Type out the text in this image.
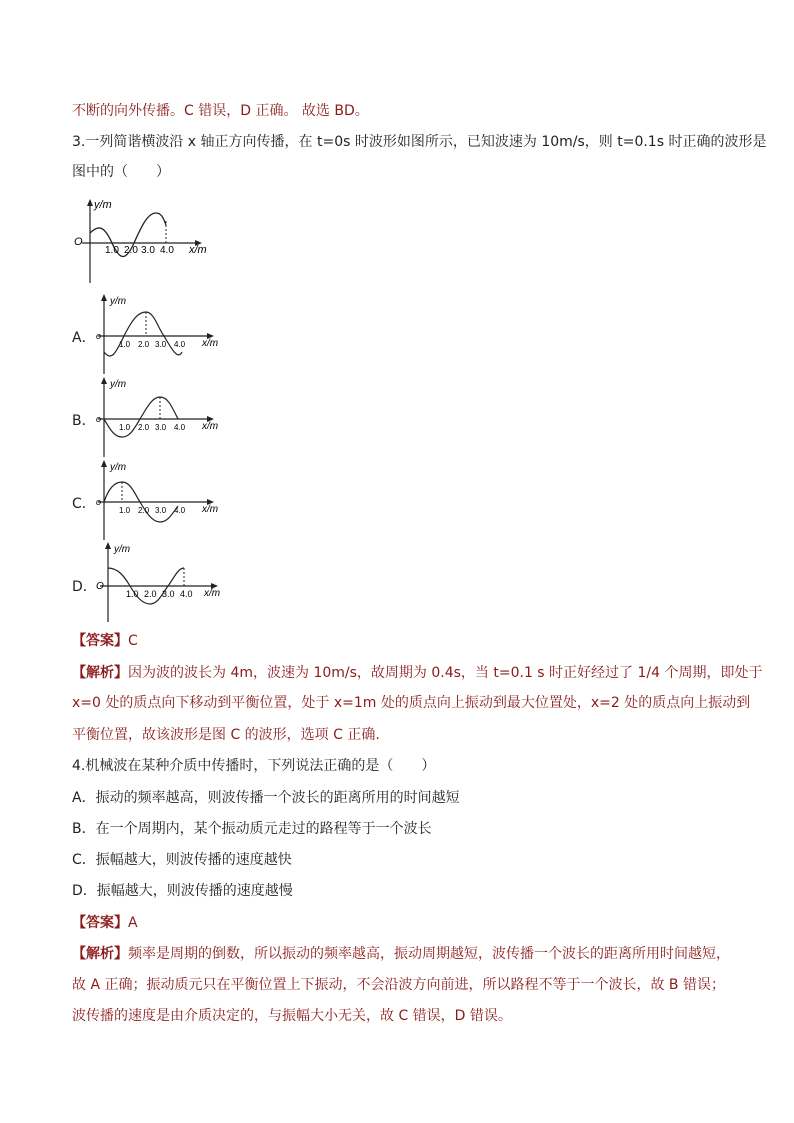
不断的向外传播。C 错误，D 正确。 故选 BD。
3.一列简谐横波沿 x 轴正方向传播，在 t=0s 时波形如图所示，已知波速为 10m/s，则 t=0.1s 时正确的波形是
图中的（　　）
y/m
x/m
O
1.0 2.0 3.0 4.0
A．
y/m
x/m
o
1.0 2.0 3.0 4.0
B．
y/m
x/m
o
1.0 2.0 3.0 4.0
C．
y/m
x/m
o
1.0 2.0 3.0 4.0
D．
y/m
x/m
O
1.0 2.0 3.0 4.0
【答案】C
【解析】因为波的波长为 4m，波速为 10m/s，故周期为 0.4s，当 t=0.1 s 时正好经过了 1/4 个周期，即处于
x=0 处的质点向下移动到平衡位置，处于 x=1m 处的质点向上振动到最大位置处，x=2 处的质点向上振动到
平衡位置，故该波形是图 C 的波形，选项 C 正确.
4.机械波在某种介质中传播时，下列说法正确的是（　　）
A．振动的频率越高，则波传播一个波长的距离所用的时间越短
B．在一个周期内，某个振动质元走过的路程等于一个波长
C．振幅越大，则波传播的速度越快
D．振幅越大，则波传播的速度越慢
【答案】A
【解析】频率是周期的倒数，所以振动的频率越高，振动周期越短，波传播一个波长的距离所用时间越短，
故 A 正确；振动质元只在平衡位置上下振动，不会沿波方向前进，所以路程不等于一个波长，故 B 错误；
波传播的速度是由介质决定的，与振幅大小无关，故 C 错误，D 错误。
